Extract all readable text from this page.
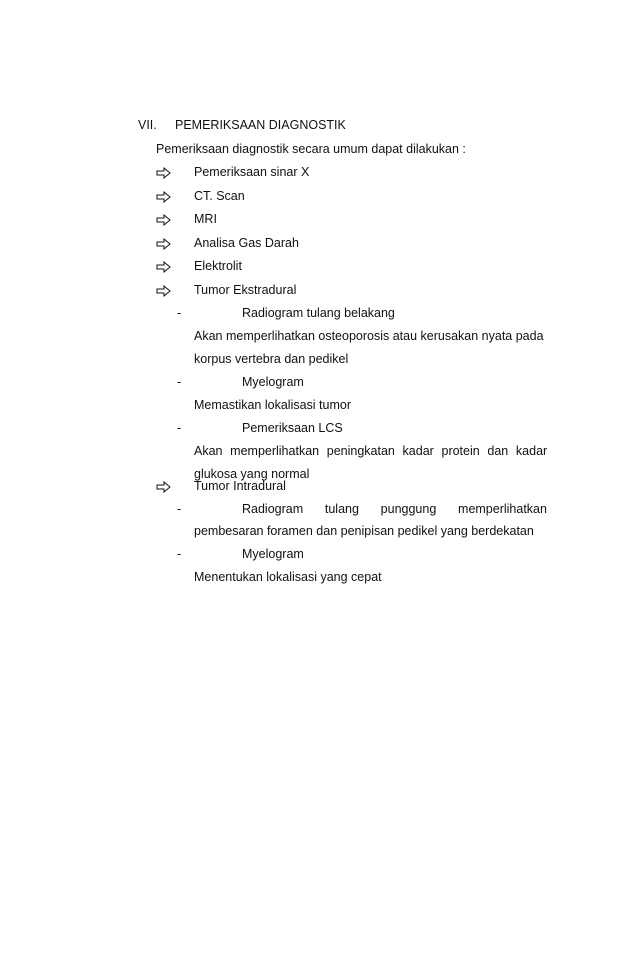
VII. PEMERIKSAAN DIAGNOSTIK
Pemeriksaan diagnostik secara umum dapat dilakukan :
Pemeriksaan sinar X
CT. Scan
MRI
Analisa Gas Darah
Elektrolit
Tumor Ekstradural
-	Radiogram tulang belakang
Akan memperlihatkan osteoporosis atau kerusakan nyata pada
korpus vertebra dan pedikel
-	Myelogram
Memastikan lokalisasi tumor
-	Pemeriksaan LCS
Akan memperlihatkan peningkatan kadar protein dan kadar
glukosa yang normal
Tumor Intradural
-	Radiogram tulang punggung memperlihatkan
pembesaran foramen dan penipisan pedikel yang berdekatan
-	Myelogram
Menentukan lokalisasi yang cepat
